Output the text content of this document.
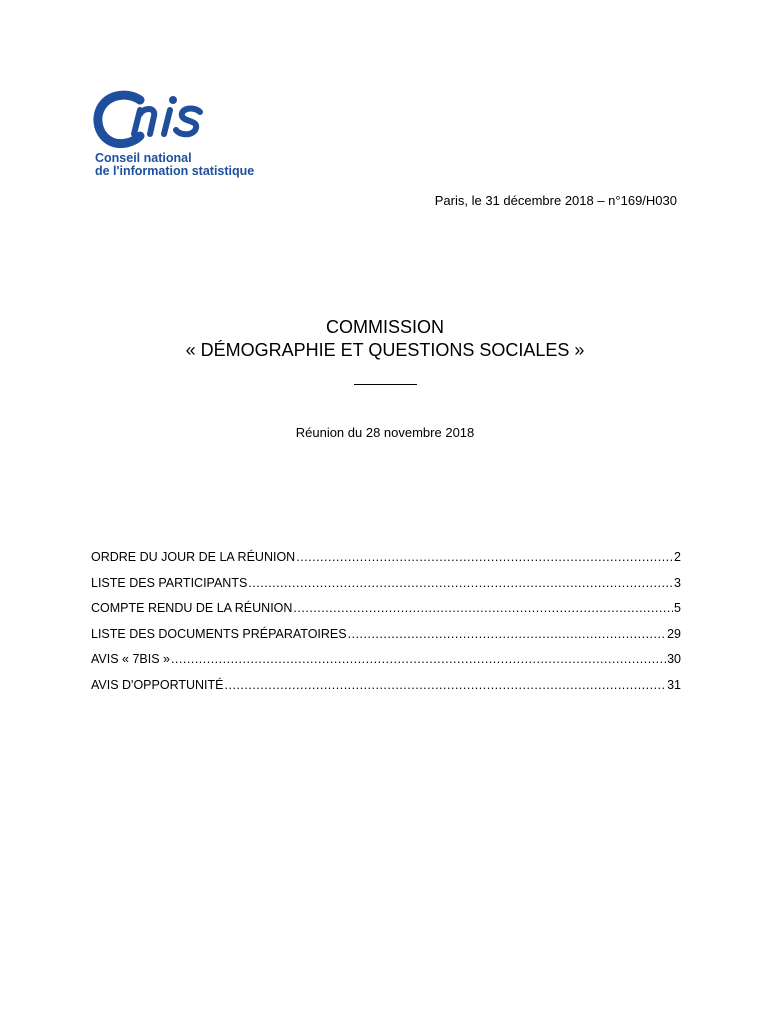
Conseil national
de l'information statistique
Paris, le 31 décembre 2018 – n°169/H030
COMMISSION
« DÉMOGRAPHIE ET QUESTIONS SOCIALES »
Réunion du 28 novembre 2018
ORDRE DU JOUR DE LA RÉUNION .....	2
LISTE DES PARTICIPANTS .....	3
COMPTE RENDU DE LA RÉUNION .....	5
LISTE DES DOCUMENTS PRÉPARATOIRES .....	29
AVIS « 7BIS » .....	30
AVIS D'OPPORTUNITÉ .....	31
